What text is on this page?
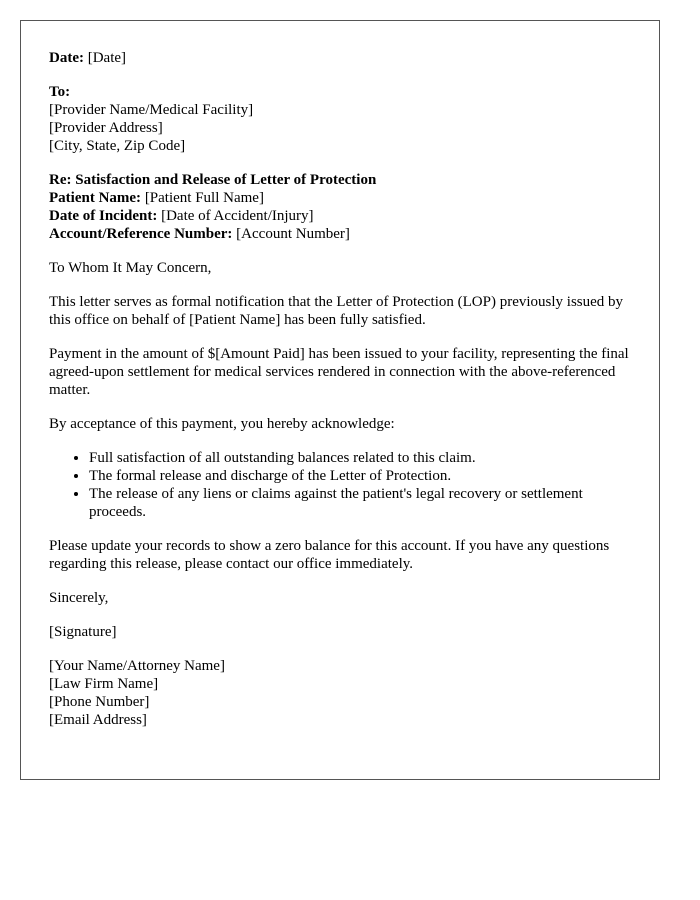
Date: [Date]
To:
[Provider Name/Medical Facility]
[Provider Address]
[City, State, Zip Code]
Re: Satisfaction and Release of Letter of Protection
Patient Name: [Patient Full Name]
Date of Incident: [Date of Accident/Injury]
Account/Reference Number: [Account Number]

To Whom It May Concern,

This letter serves as formal notification that the Letter of Protection (LOP) previously issued by this office on behalf of [Patient Name] has been fully satisfied.

Payment in the amount of $[Amount Paid] has been issued to your facility, representing the final agreed-upon settlement for medical services rendered in connection with the above-referenced matter.

By acceptance of this payment, you hereby acknowledge:

• Full satisfaction of all outstanding balances related to this claim.
• The formal release and discharge of the Letter of Protection.
• The release of any liens or claims against the patient's legal recovery or settlement proceeds.

Please update your records to show a zero balance for this account. If you have any questions regarding this release, please contact our office immediately.

Sincerely,

[Signature]

[Your Name/Attorney Name]
[Law Firm Name]
[Phone Number]
[Email Address]
